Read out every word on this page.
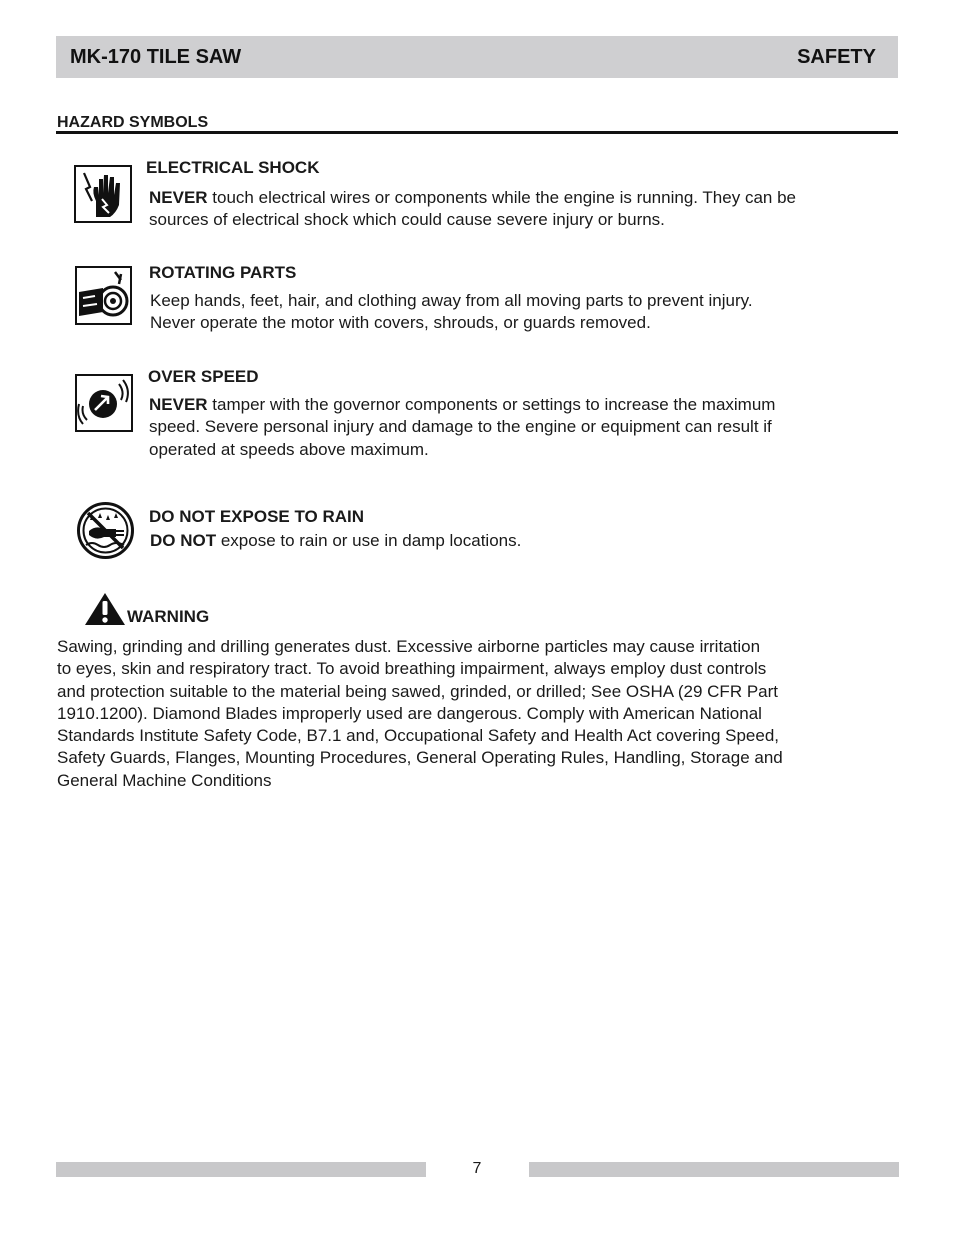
MK-170 TILE SAW	SAFETY
HAZARD SYMBOLS
ELECTRICAL SHOCK

NEVER touch electrical wires or components while the engine is running. They can be

sources of electrical shock which could cause severe injury or burns.

ROTATING PARTS

Keep hands, feet, hair, and clothing away from all moving parts to prevent injury.

Never operate the motor with covers, shrouds, or guards removed.

OVER SPEED

NEVER tamper with the governor components or settings to increase the maximum

speed. Severe personal injury and damage to the engine or equipment can result if

operated at speeds above maximum.

DO NOT EXPOSE TO RAIN

DO NOT expose to rain or use in damp locations.

WARNING
Sawing, grinding and drilling generates dust. Excessive airborne particles may cause irritation
to eyes, skin and respiratory tract. To avoid breathing impairment, always employ dust controls
and protection suitable to the material being sawed, grinded, or drilled; See OSHA (29 CFR Part
1910.1200). Diamond Blades improperly used are dangerous. Comply with American National
Standards Institute Safety Code, B7.1 and, Occupational Safety and Health Act covering Speed,
Safety Guards, Flanges, Mounting Procedures, General Operating Rules, Handling, Storage and
General Machine Conditions
7
